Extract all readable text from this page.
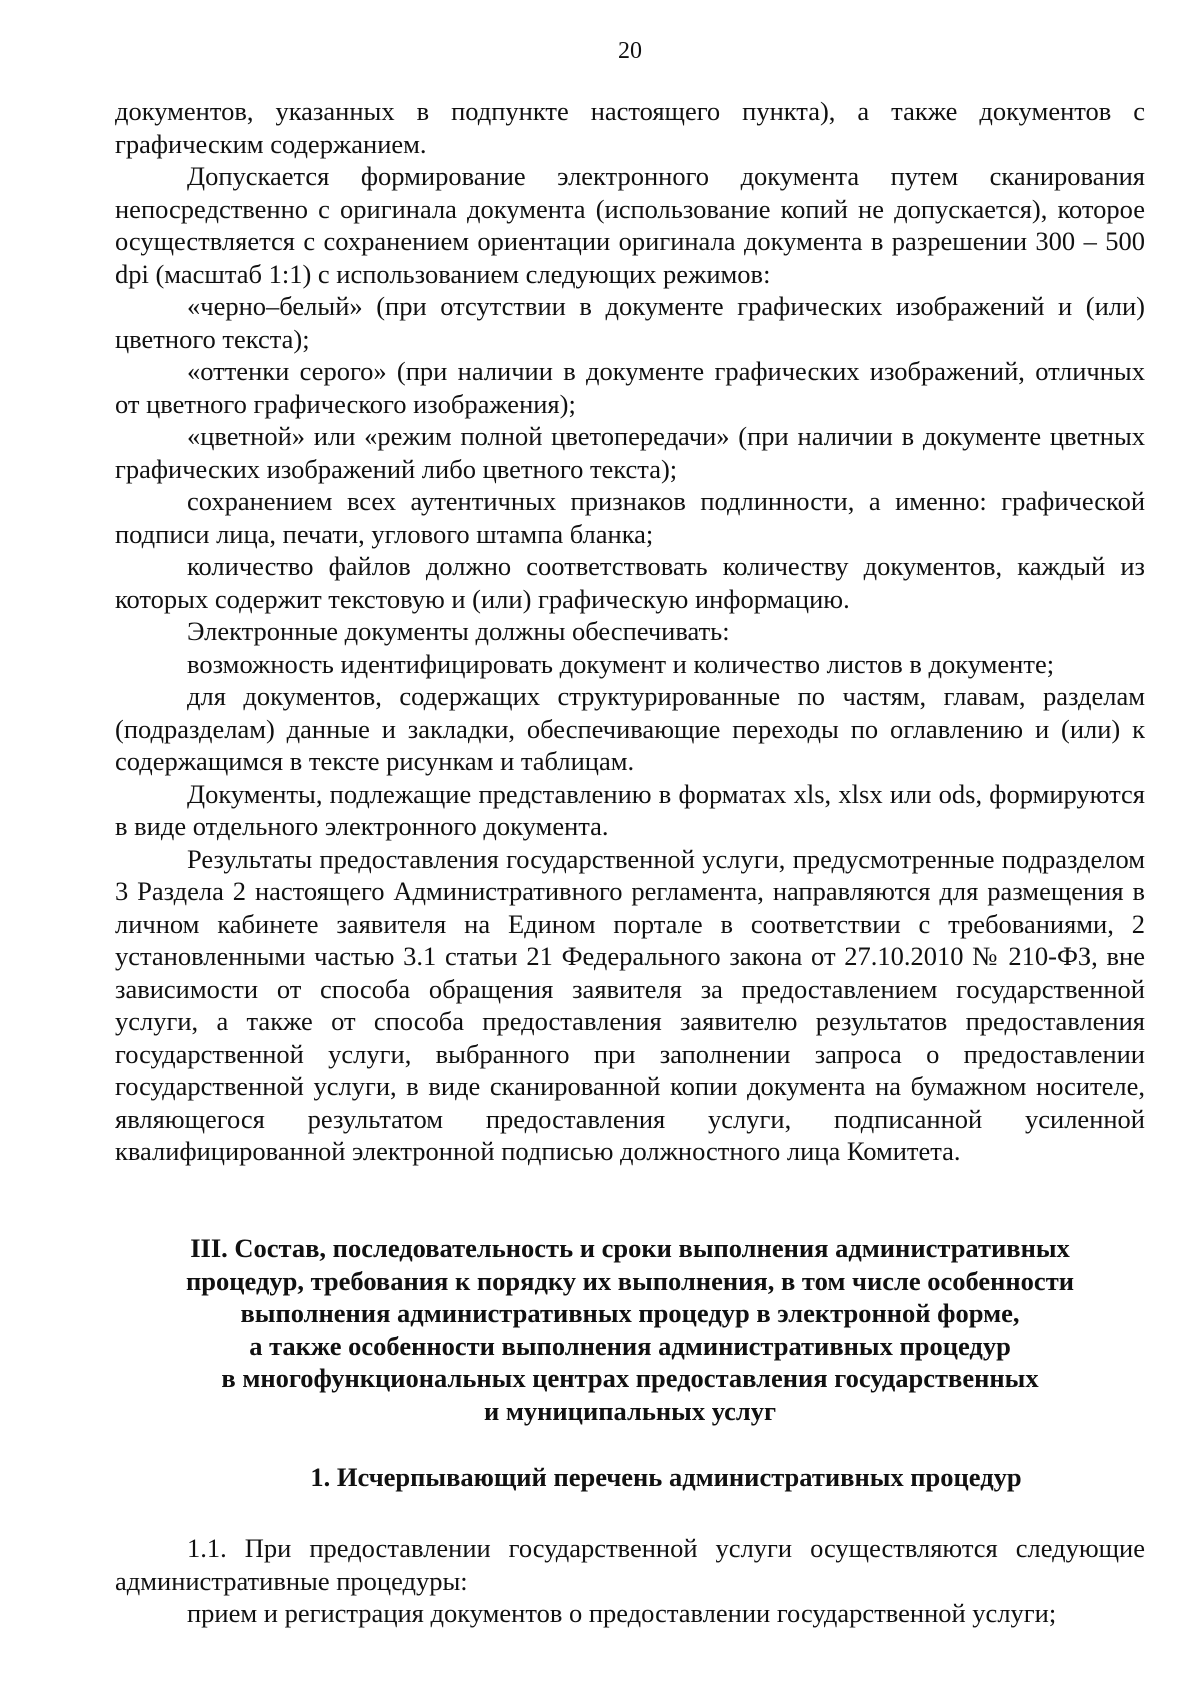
20

документов, указанных в подпункте настоящего пункта), а также документов с графическим содержанием.

Допускается формирование электронного документа путем сканирования непосредственно с оригинала документа (использование копий не допускается), которое осуществляется с сохранением ориентации оригинала документа в разрешении 300 – 500 dpi (масштаб 1:1) с использованием следующих режимов:

«черно–белый» (при отсутствии в документе графических изображений и (или) цветного текста);

«оттенки серого» (при наличии в документе графических изображений, отличных от цветного графического изображения);

«цветной» или «режим полной цветопередачи» (при наличии в документе цветных графических изображений либо цветного текста);

сохранением всех аутентичных признаков подлинности, а именно: графической подписи лица, печати, углового штампа бланка;

количество файлов должно соответствовать количеству документов, каждый из которых содержит текстовую и (или) графическую информацию.

Электронные документы должны обеспечивать:

возможность идентифицировать документ и количество листов в документе;

для документов, содержащих структурированные по частям, главам, разделам (подразделам) данные и закладки, обеспечивающие переходы по оглавлению и (или) к содержащимся в тексте рисункам и таблицам.

Документы, подлежащие представлению в форматах xls, xlsx или ods, формируются в виде отдельного электронного документа.

Результаты предоставления государственной услуги, предусмотренные подразделом 3 Раздела 2 настоящего Административного регламента, направляются для размещения в личном кабинете заявителя на Едином портале в соответствии с требованиями, 2 установленными частью 3.1 статьи 21 Федерального закона от 27.10.2010 № 210-ФЗ, вне зависимости от способа обращения заявителя за предоставлением государственной услуги, а также от способа предоставления заявителю результатов предоставления государственной услуги, выбранного при заполнении запроса о предоставлении государственной услуги, в виде сканированной копии документа на бумажном носителе, являющегося результатом предоставления услуги, подписанной усиленной квалифицированной электронной подписью должностного лица Комитета.

III. Состав, последовательность и сроки выполнения административных
процедур, требования к порядку их выполнения, в том числе особенности
выполнения административных процедур в электронной форме,
а также особенности выполнения административных процедур
в многофункциональных центрах предоставления государственных
и муниципальных услуг
1. Исчерпывающий перечень административных процедур

1.1. При предоставлении государственной услуги осуществляются следующие административные процедуры:

прием и регистрация документов о предоставлении государственной услуги;
